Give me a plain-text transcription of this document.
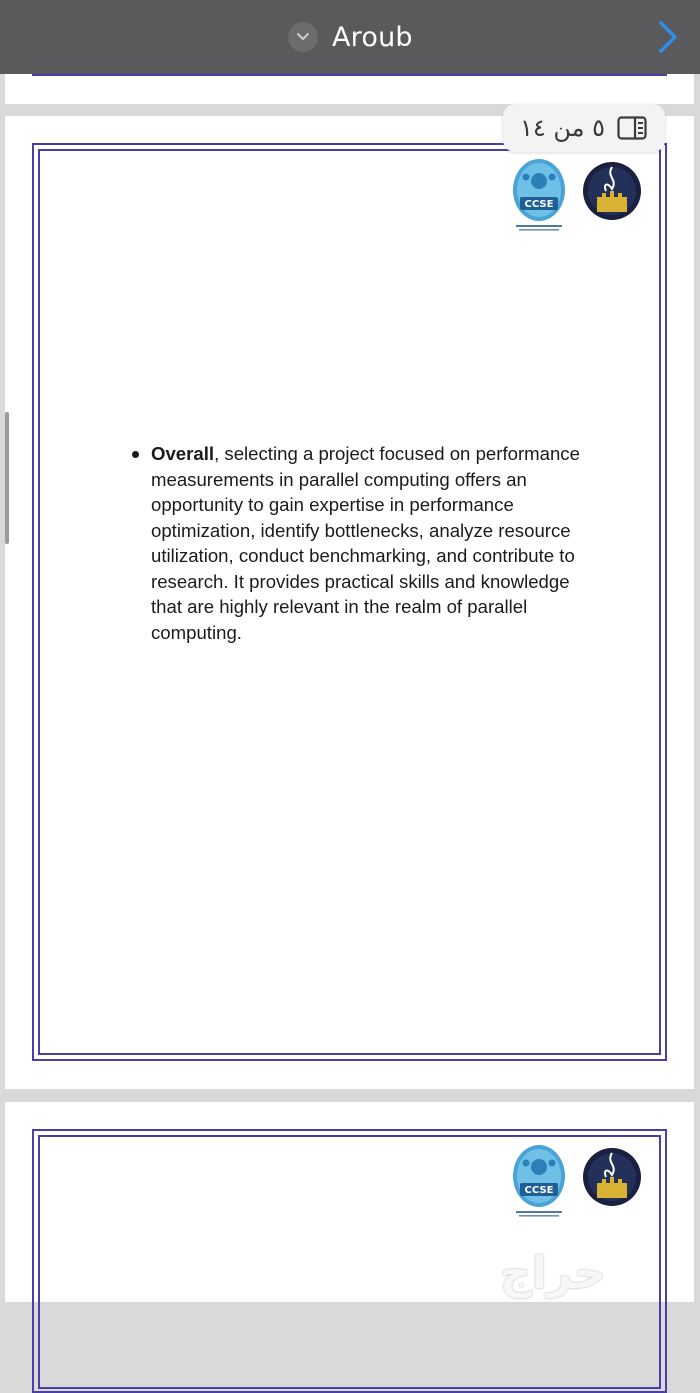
Aroub
٥ من ١٤
CCSE
Overall, selecting a project focused on performance measurements in parallel computing offers an opportunity to gain expertise in performance optimization, identify bottlenecks, analyze resource utilization, conduct benchmarking, and contribute to research. It provides practical skills and knowledge that are highly relevant in the realm of parallel computing.
CCSE
حراج
